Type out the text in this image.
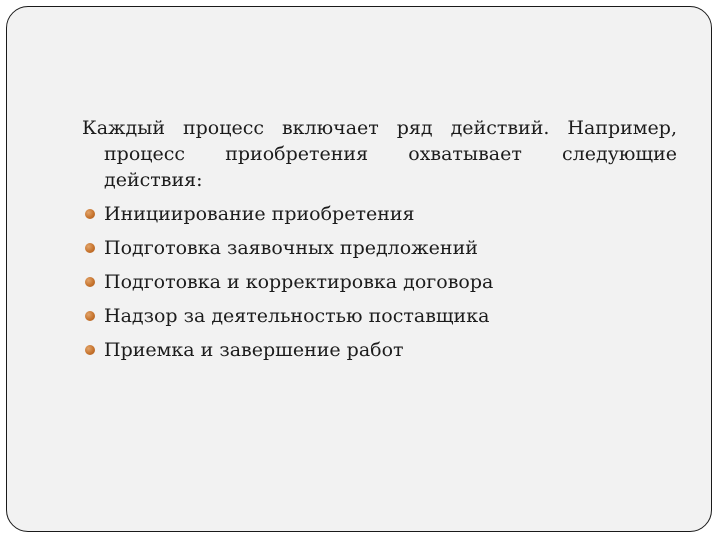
Каждый процесс включает ряд действий. Например, процесс приобретения охватывает следующие действия:

Инициирование приобретения
Подготовка заявочных предложений
Подготовка и корректировка договора
Надзор за деятельностью поставщика
Приемка и завершение работ
